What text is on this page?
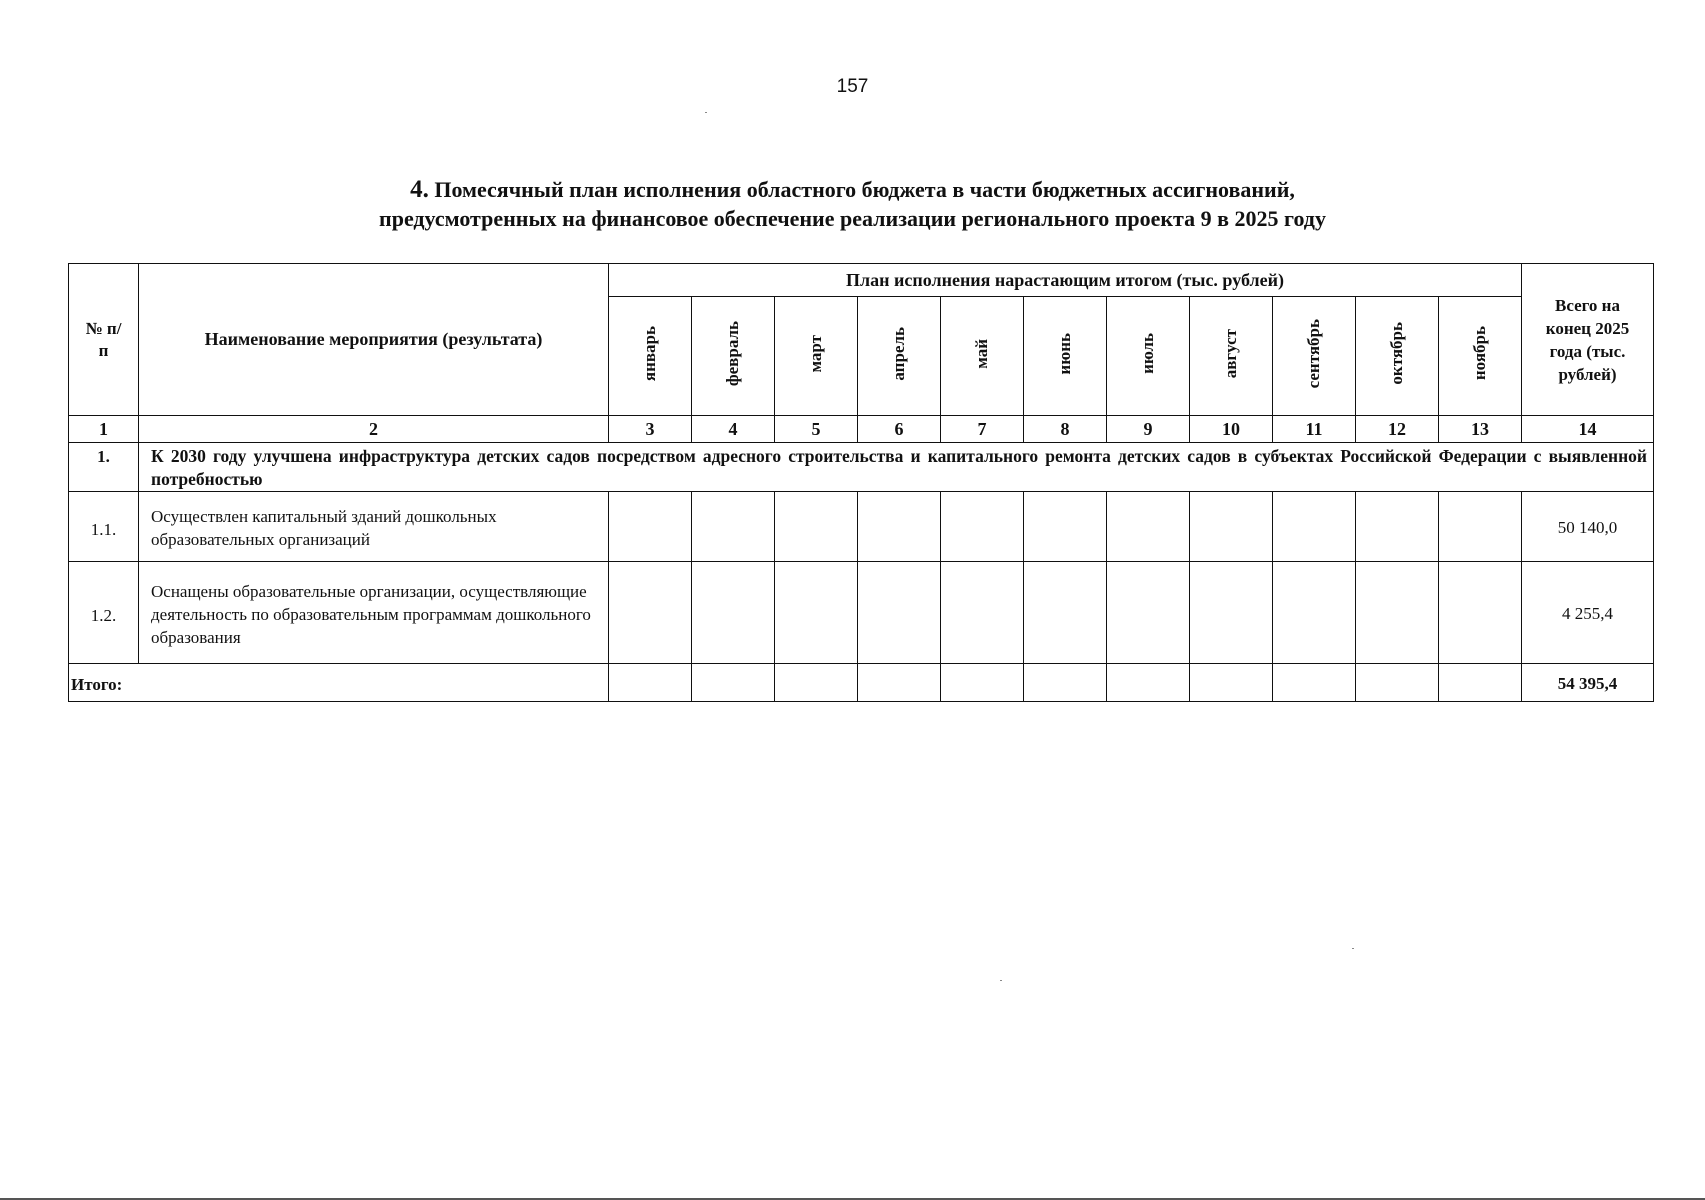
157
4. Помесячный план исполнения областного бюджета в части бюджетных ассигнований,
предусмотренных на финансовое обеспечение реализации регионального проекта 9 в 2025 году
№ п/п	Наименование мероприятия (результата)	План исполнения нарастающим итогом (тыс. рублей)											Всего на конец 2025 года (тыс. рублей)

		январь	февраль	март	апрель	май	июнь	июль	август	сентябрь	октябрь	ноябрь	
1	2	3	4	5	6	7	8	9	10	11	12	13	14
1.	К 2030 году улучшена инфраструктура детских садов посредством адресного строительства и капитального ремонта детских садов в субъектах Российской Федерации с выявленной потребностью												
1.1.	Осуществлен капитальный зданий дошкольных образовательных организаций												50 140,0
1.2.	Оснащены образовательные организации, осуществляющие деятельность по образовательным программам дошкольного образования												4 255,4
Итого:													54 395,4
